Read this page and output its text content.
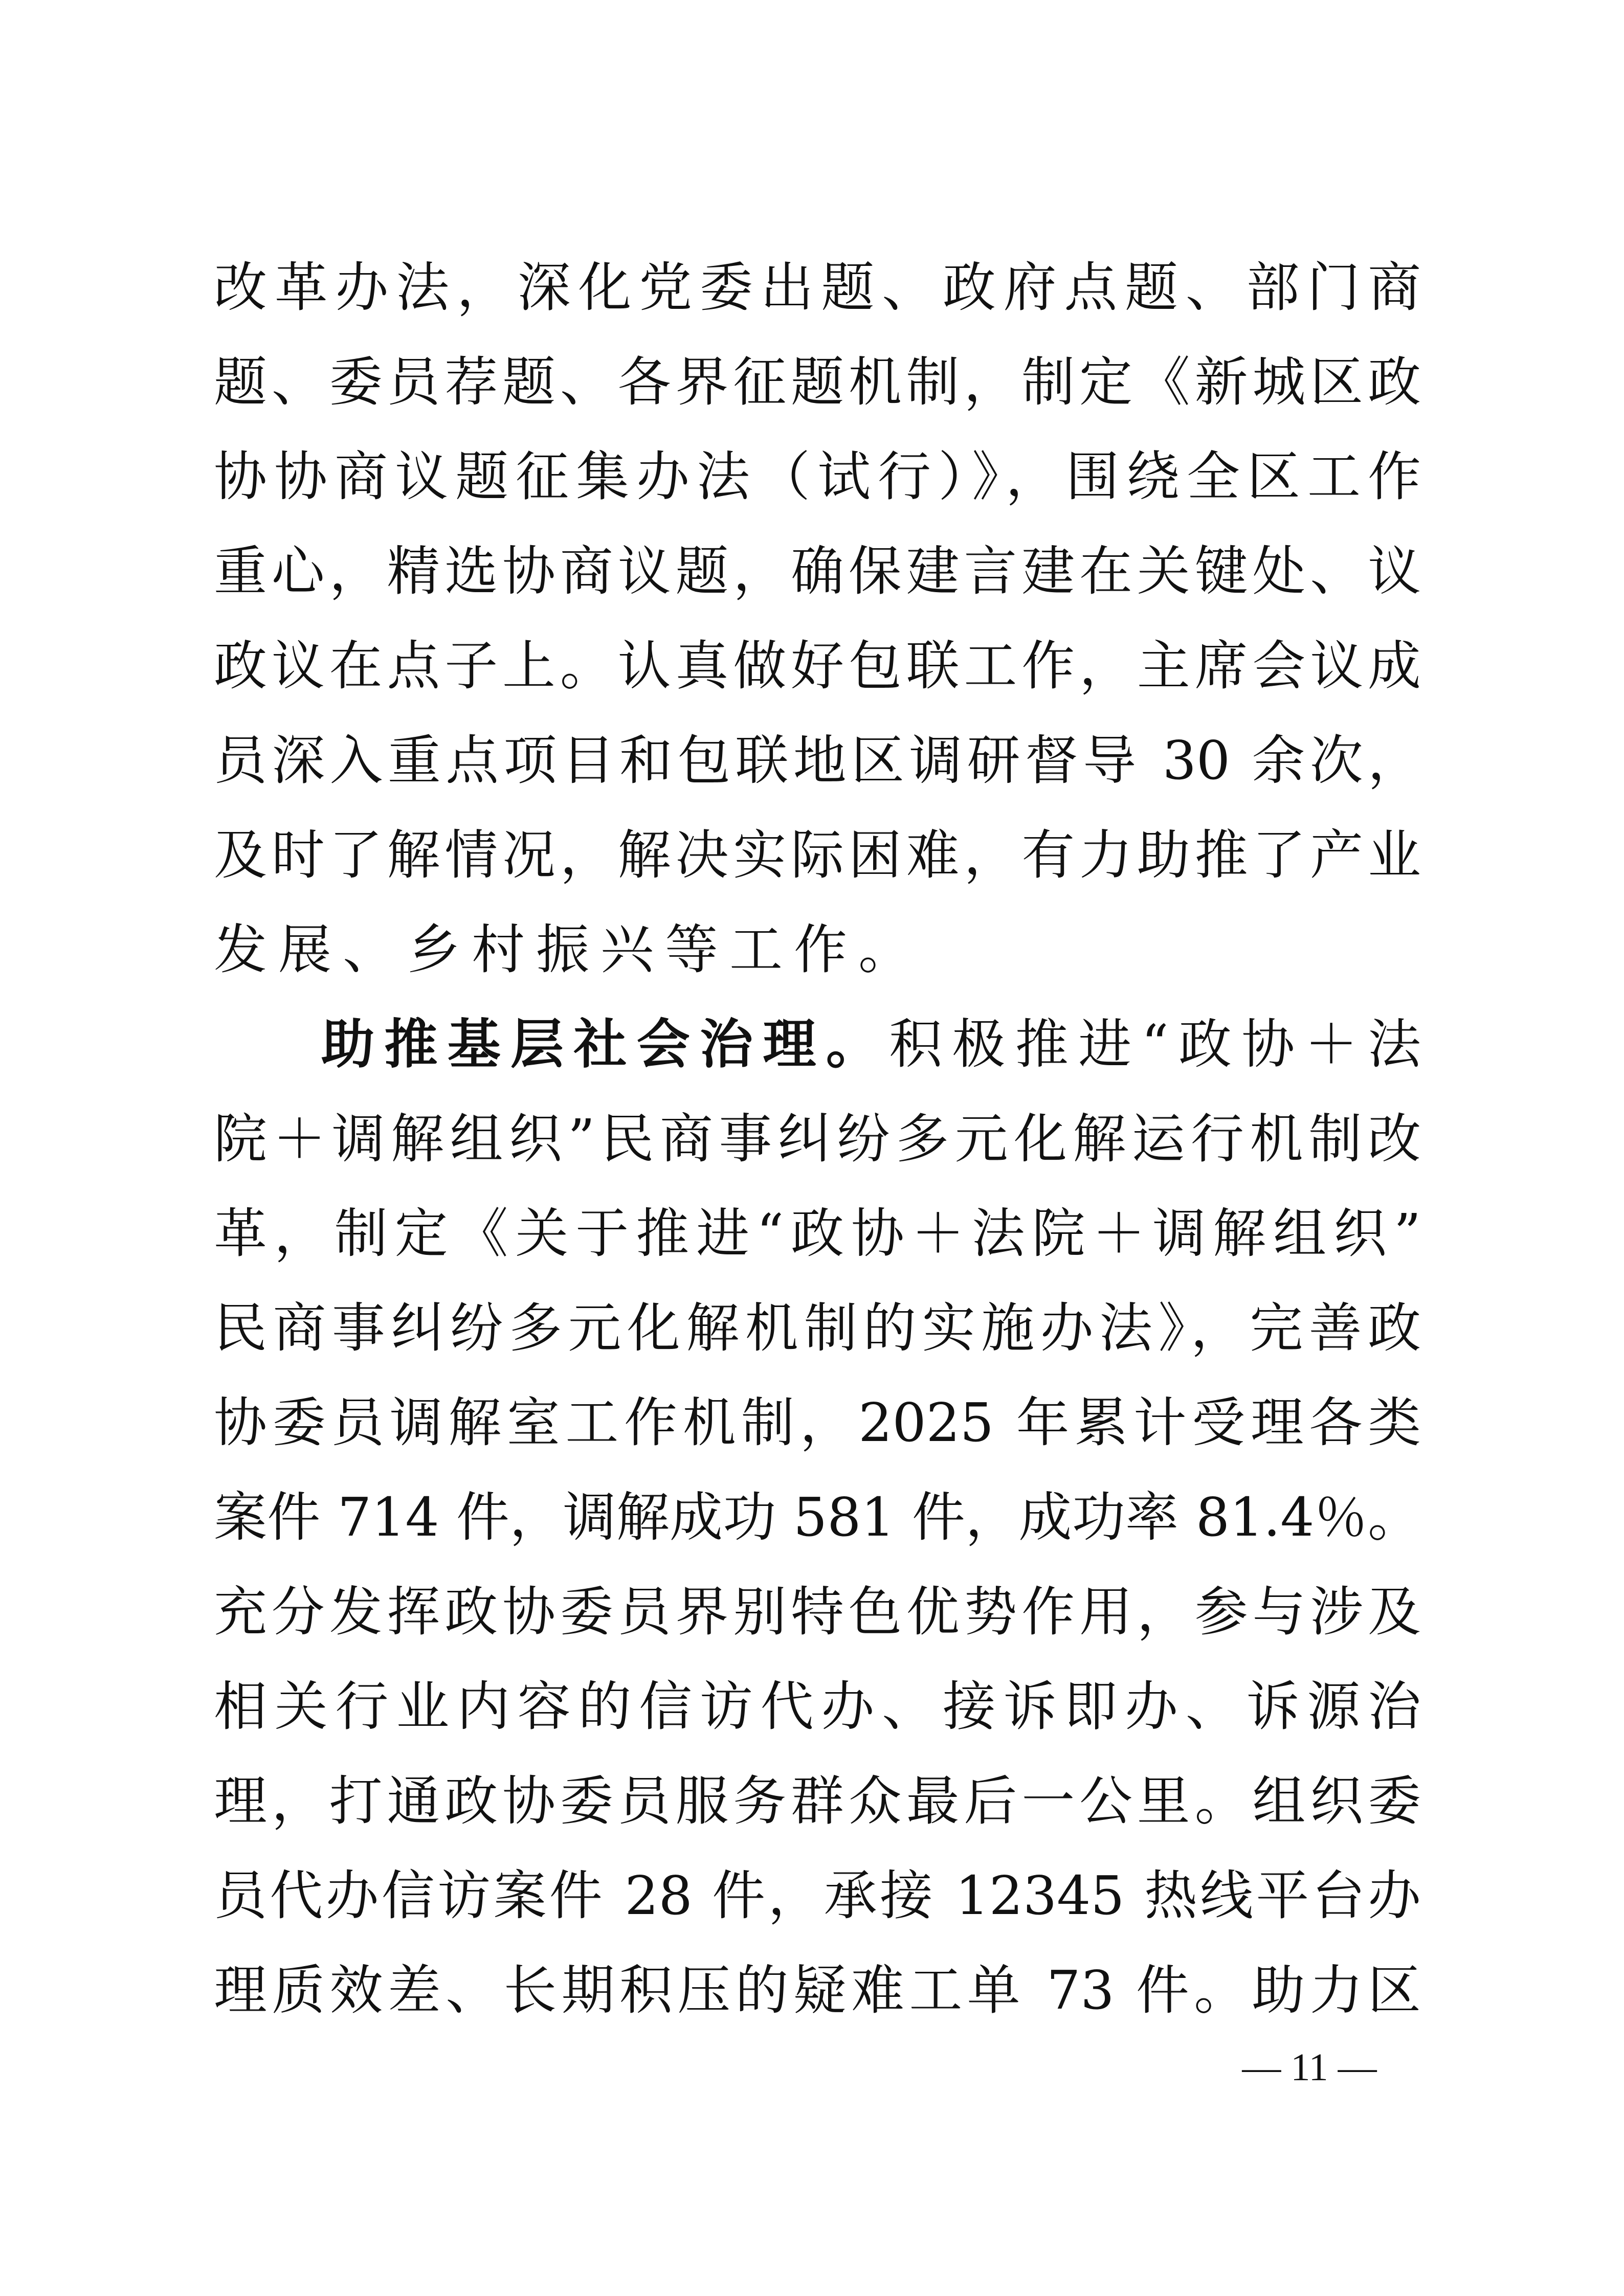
改革办法，深化党委出题、政府点题、部门商
题、委员荐题、各界征题机制，制定《新城区政
协协商议题征集办法（试行）》，围绕全区工作
重心，精选协商议题，确保建言建在关键处、议
政议在点子上。认真做好包联工作，主席会议成
员深入重点项目和包联地区调研督导 30 余次，
及时了解情况，解决实际困难，有力助推了产业
发展、乡村振兴等工作。
助推基层社会治理。积极推进“政协＋法
院＋调解组织”民商事纠纷多元化解运行机制改
革，制定《关于推进“政协＋法院＋调解组织”
民商事纠纷多元化解机制的实施办法》，完善政
协委员调解室工作机制，2025 年累计受理各类
案件 714 件，调解成功 581 件，成功率 81.4％。
充分发挥政协委员界别特色优势作用，参与涉及
相关行业内容的信访代办、接诉即办、诉源治
理，打通政协委员服务群众最后一公里。组织委
员代办信访案件 28 件，承接 12345 热线平台办
理质效差、长期积压的疑难工单 73 件。助力区
— 11 —
